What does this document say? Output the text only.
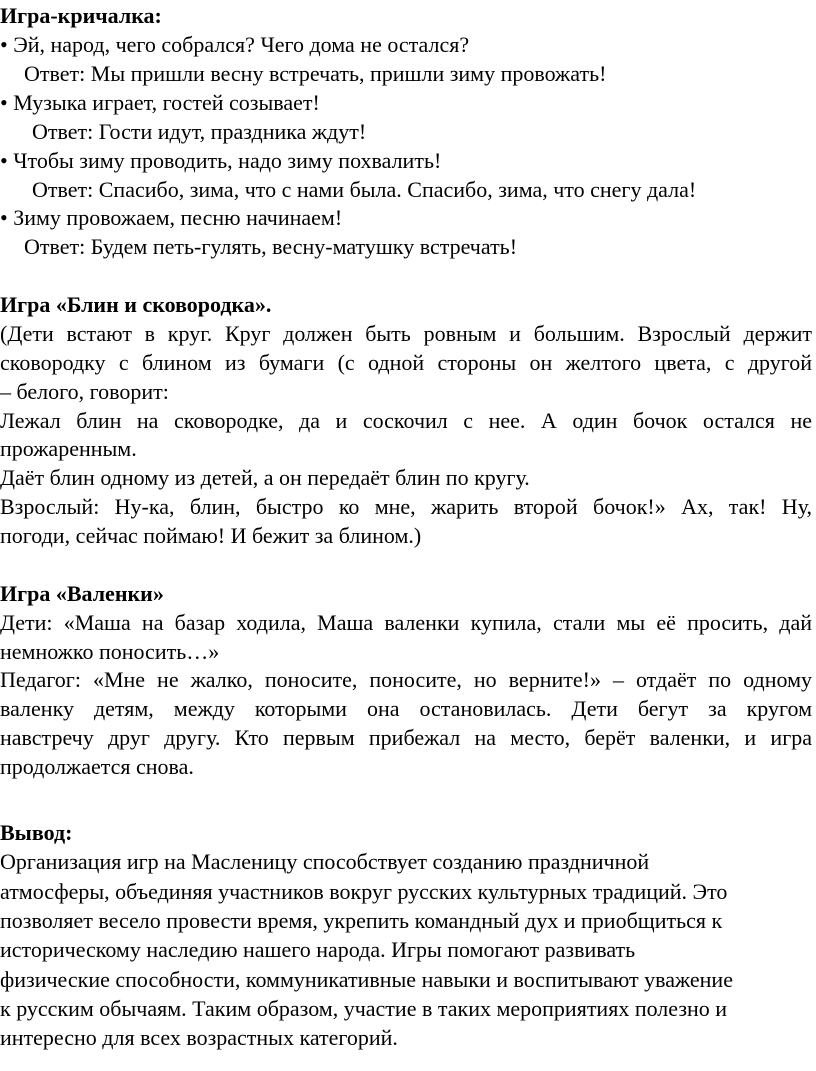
Игра-кричалка:
• Эй, народ, чего собрался? Чего дома не остался?
Ответ: Мы пришли весну встречать, пришли зиму провожать!
• Музыка играет, гостей созывает!
Ответ: Гости идут, праздника ждут!
• Чтобы зиму проводить, надо зиму похвалить!
Ответ: Спасибо, зима, что с нами была. Спасибо, зима, что снегу дала!
• Зиму провожаем, песню начинаем!
Ответ: Будем петь-гулять, весну-матушку встречать!
Игра «Блин и сковородка».
(Дети встают в круг. Круг должен быть ровным и большим. Взрослый держит
сковородку с блином из бумаги (с одной стороны он желтого цвета, с другой
– белого, говорит:
Лежал блин на сковородке, да и соскочил с нее. А один бочок остался не
прожаренным.
Даёт блин одному из детей, а он передаёт блин по кругу.
Взрослый: Ну-ка, блин, быстро ко мне, жарить второй бочок!» Ах, так! Ну,
погоди, сейчас поймаю! И бежит за блином.)
Игра «Валенки»
Дети: «Маша на базар ходила, Маша валенки купила, стали мы её просить, дай
немножко поносить…»
Педагог: «Мне не жалко, поносите, поносите, но верните!» – отдаёт по одному
валенку детям, между которыми она остановилась. Дети бегут за кругом
навстречу друг другу. Кто первым прибежал на место, берёт валенки, и игра
продолжается снова.
Вывод:
Организация игр на Масленицу способствует созданию праздничной
атмосферы, объединяя участников вокруг русских культурных традиций. Это
позволяет весело провести время, укрепить командный дух и приобщиться к
историческому наследию нашего народа. Игры помогают развивать
физические способности, коммуникативные навыки и воспитывают уважение
к русским обычаям. Таким образом, участие в таких мероприятиях полезно и
интересно для всех возрастных категорий.
